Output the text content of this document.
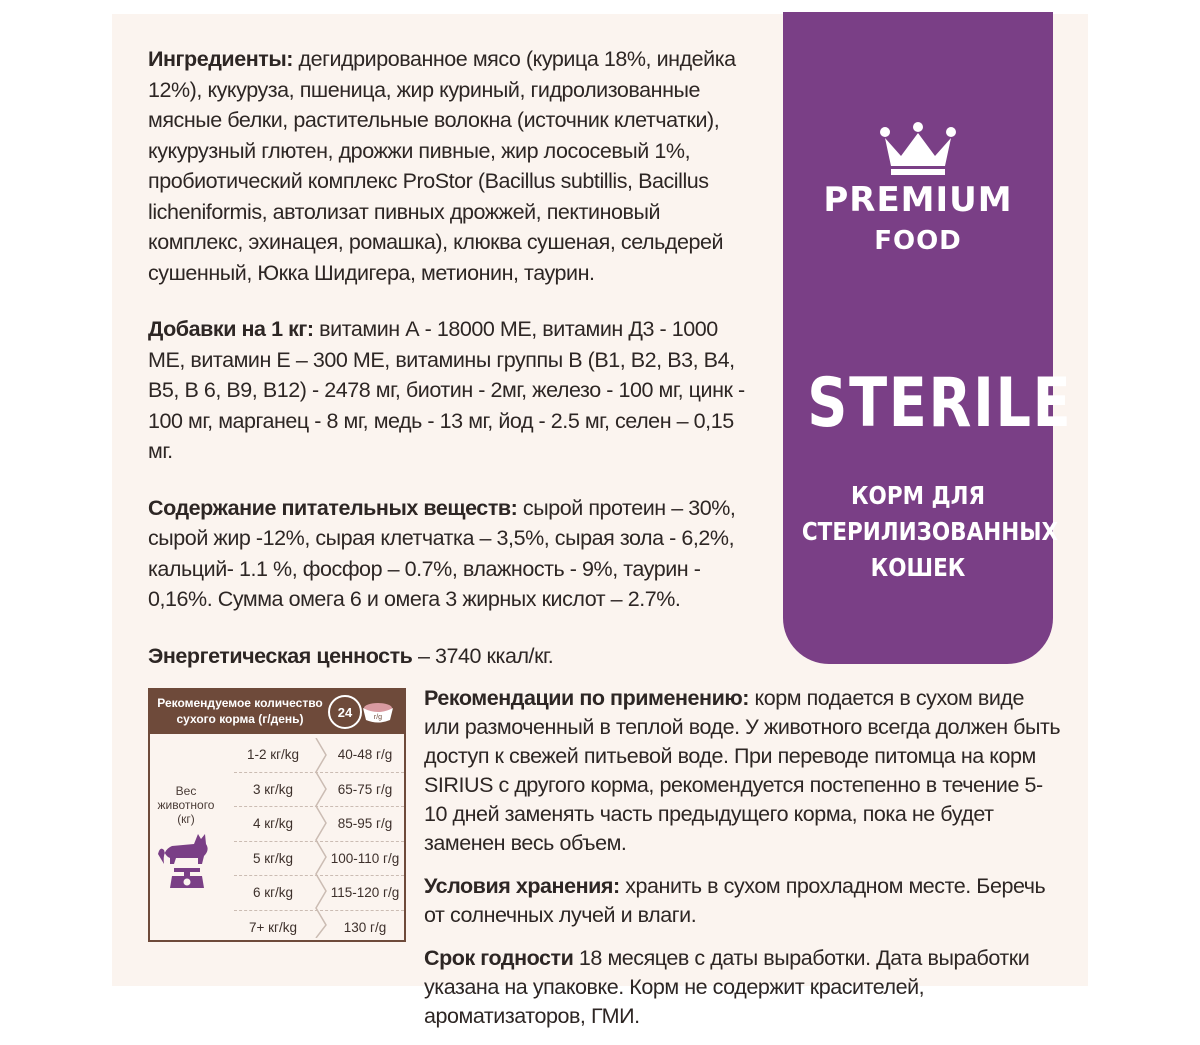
Ингредиенты: дегидрированное мясо (курица 18%, индейка 12%), кукуруза, пшеница, жир куриный, гидролизованные мясные белки, растительные волокна (источник клетчатки), кукурузный глютен, дрожжи пивные, жир лососевый 1%, пробиотический комплекс ProStor (Bacillus subtillis, Bacillus licheniformis, автолизат пивных дрожжей, пектиновый комплекс, эхинацея, ромашка), клюква сушеная, сельдерей сушенный, Юкка Шидигера, метионин, таурин.

Добавки на 1 кг: витамин А - 18000 МЕ, витамин Д3 - 1000 МЕ, витамин Е – 300 МЕ, витамины группы В (В1, В2, В3, В4, В5, В 6, В9, В12) - 2478 мг, биотин - 2мг, железо - 100 мг, цинк - 100 мг, марганец - 8 мг, медь - 13 мг, йод - 2.5 мг, селен – 0,15 мг.

Содержание питательных веществ: сырой протеин – 30%, сырой жир -12%, сырая клетчатка – 3,5%, сырая зола - 6,2%, кальций- 1.1 %, фосфор – 0.7%, влажность - 9%, таурин - 0,16%. Сумма омега 6 и омега 3 жирных кислот – 2.7%.

Энергетическая ценность – 3740 ккал/кг.

PREMIUM
FOOD
STERILE
КОРМ ДЛЯ
СТЕРИЛИЗОВАННЫХ
КОШЕК
Рекомендуемое количество сухого корма (г/день)	24	r/g
Вес животного (кг)
1-2 кг/kg	40-48 г/g
3 кг/kg	65-75 г/g
4 кг/kg	85-95 г/g
5 кг/kg	100-110 г/g
6 кг/kg	115-120 г/g
7+ кг/kg	130 г/g

Рекомендации по применению: корм подается в сухом виде или размоченный в теплой воде. У животного всегда должен быть доступ к свежей питьевой воде. При переводе питомца на корм SIRIUS с другого корма, рекомендуется постепенно в течение 5-10 дней заменять часть предыдущего корма, пока не будет заменен весь объем.

Условия хранения: хранить в сухом прохладном месте. Беречь от солнечных лучей и влаги.

Срок годности 18 месяцев с даты выработки. Дата выработки указана на упаковке. Корм не содержит красителей, ароматизаторов, ГМИ.
